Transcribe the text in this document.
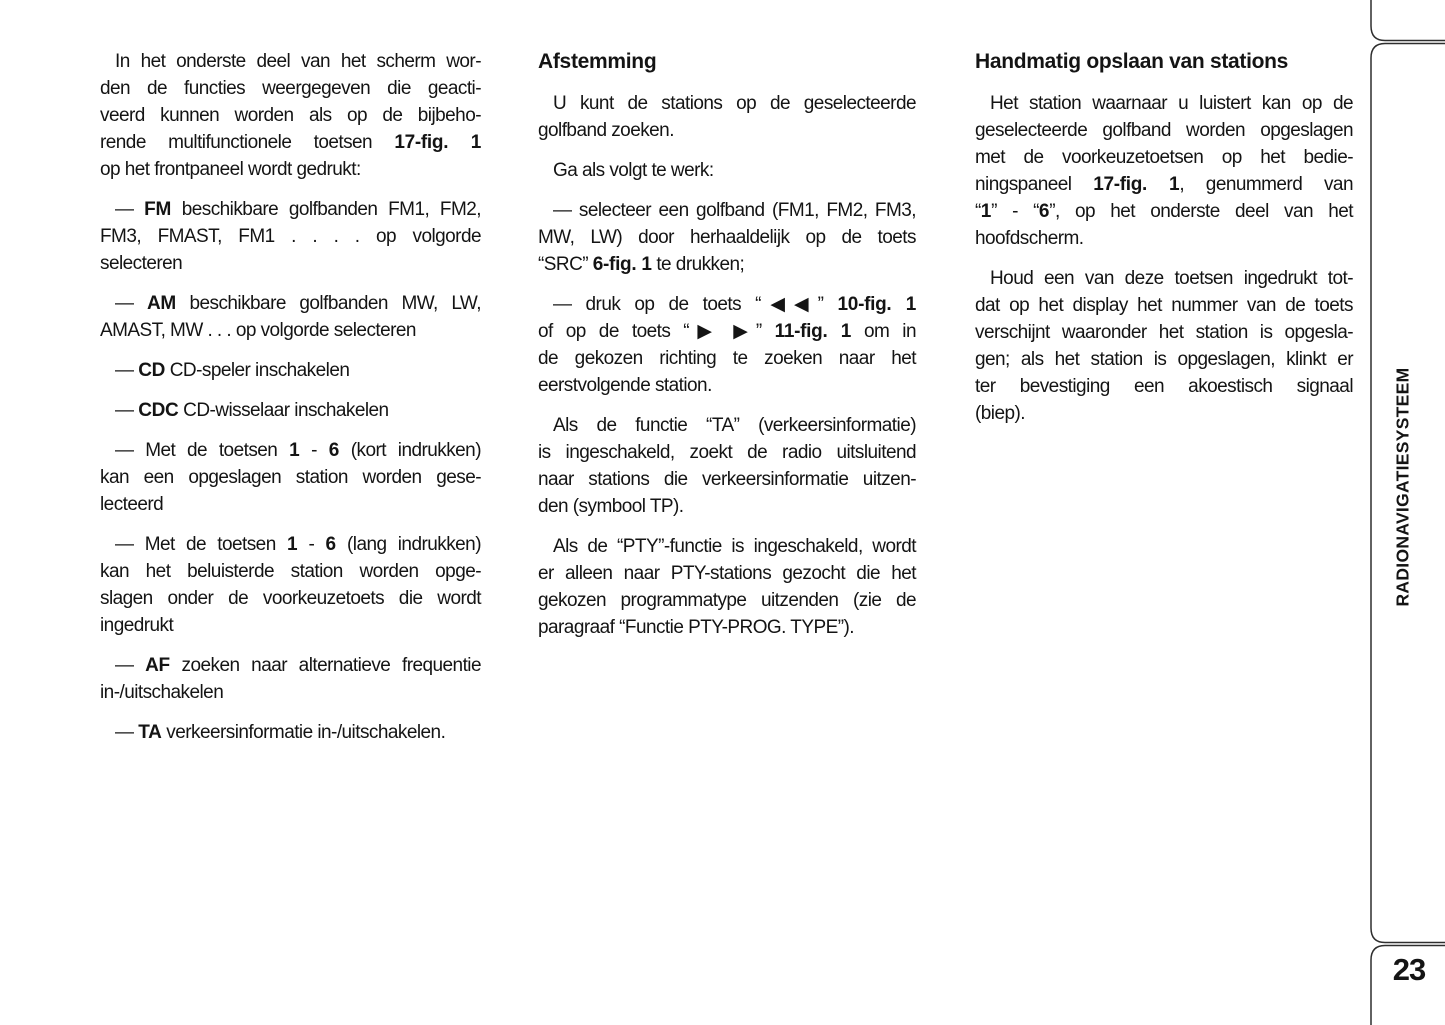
In het onderste deel van het scherm wor-
den de functies weergegeven die geacti-
veerd kunnen worden als op de bijbeho-
rende multifunctionele toetsen 17-fig. 1
op het frontpaneel wordt gedrukt:
— FM beschikbare golfbanden FM1, FM2,
FM3, FMAST, FM1 . . . . op volgorde
selecteren
— AM beschikbare golfbanden MW, LW,
AMAST, MW . . . op volgorde selecteren
— CD CD-speler inschakelen
— CDC CD-wisselaar inschakelen
— Met de toetsen 1 - 6 (kort indrukken)
kan een opgeslagen station worden gese-
lecteerd
— Met de toetsen 1 - 6 (lang indrukken)
kan het beluisterde station worden opge-
slagen onder de voorkeuzetoets die wordt
ingedrukt
— AF zoeken naar alternatieve frequentie
in-/uitschakelen
— TA verkeersinformatie in-/uitschakelen.
Afstemming
U kunt de stations op de geselecteerde
golfband zoeken.
Ga als volgt te werk:
— selecteer een golfband (FM1, FM2, FM3,
MW, LW) door herhaaldelijk op de toets
“SRC” 6-fig. 1 te drukken;
— druk op de toets “◀◀” 10-fig. 1
of op de toets “▶ ▶” 11-fig. 1 om in
de gekozen richting te zoeken naar het
eerstvolgende station.
Als de functie “TA” (verkeersinformatie)
is ingeschakeld, zoekt de radio uitsluitend
naar stations die verkeersinformatie uitzen-
den (symbool TP).
Als de “PTY”-functie is ingeschakeld, wordt
er alleen naar PTY-stations gezocht die het
gekozen programmatype uitzenden (zie de
paragraaf “Functie PTY-PROG. TYPE”).
Handmatig opslaan van stations
Het station waarnaar u luistert kan op de
geselecteerde golfband worden opgeslagen
met de voorkeuzetoetsen op het bedie-
ningspaneel 17-fig. 1, genummerd van
“1” - “6”, op het onderste deel van het
hoofdscherm.
Houd een van deze toetsen ingedrukt tot-
dat op het display het nummer van de toets
verschijnt waaronder het station is opgesla-
gen; als het station is opgeslagen, klinkt er
ter bevestiging een akoestisch signaal
(biep).	RADIONAVIGATIESYSTEEM
23
